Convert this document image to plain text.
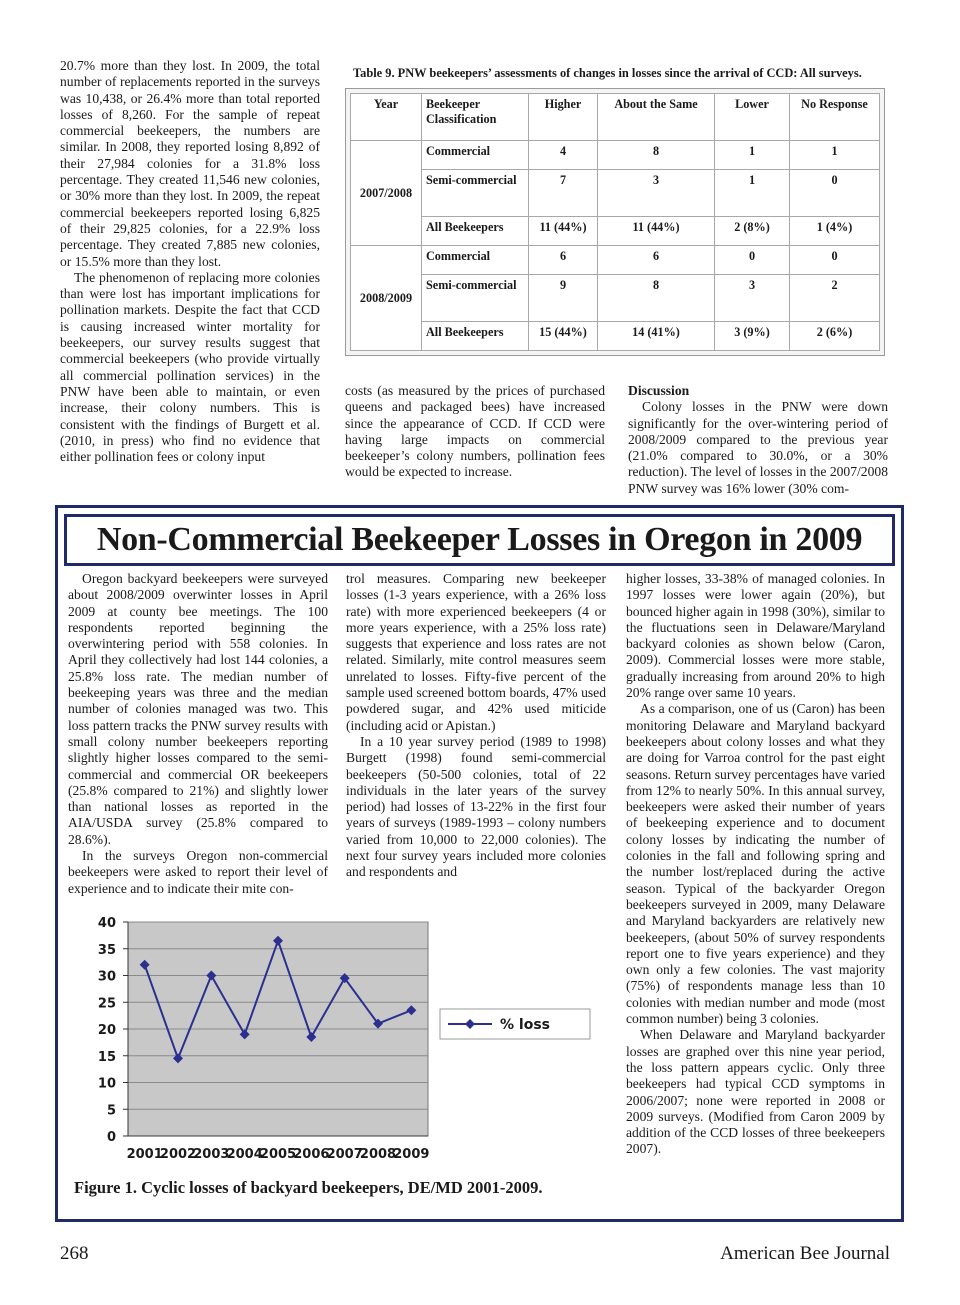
20.7% more than they lost. In 2009, the total number of replacements reported in the surveys was 10,438, or 26.4% more than total reported losses of 8,260. For the sample of repeat commercial beekeepers, the numbers are similar. In 2008, they reported losing 8,892 of their 27,984 colonies for a 31.8% loss percentage. They created 11,546 new colonies, or 30% more than they lost. In 2009, the repeat commercial beekeepers reported losing 6,825 of their 29,825 colonies, for a 22.9% loss percentage. They created 7,885 new colonies, or 15.5% more than they lost.

The phenomenon of replacing more colonies than were lost has important implications for pollination markets. Despite the fact that CCD is causing increased winter mortality for beekeepers, our survey results suggest that commercial beekeepers (who provide virtually all commercial pollination services) in the PNW have been able to maintain, or even increase, their colony numbers. This is consistent with the findings of Burgett et al. (2010, in press) who find no evidence that either pollination fees or colony input

Table 9. PNW beekeepers’ assessments of changes in losses since the arrival of CCD: All surveys.
Year	Beekeeper Classification	Higher	About the Same	Lower	No Response
2007/2008	Commercial	4	8	1	1
	Semi-commercial	7	3	1	0
	All Beekeepers	11 (44%)	11 (44%)	2 (8%)	1 (4%)
2008/2009	Commercial	6	6	0	0
	Semi-commercial	9	8	3	2
	All Beekeepers	15 (44%)	14 (41%)	3 (9%)	2 (6%)

costs (as measured by the prices of purchased queens and packaged bees) have increased since the appearance of CCD. If CCD were having large impacts on commercial beekeeper’s colony numbers, pollination fees would be expected to increase.

Discussion

Colony losses in the PNW were down significantly for the over-wintering period of 2008/2009 compared to the previous year (21.0% compared to 30.0%, or a 30% reduction). The level of losses in the 2007/2008 PNW survey was 16% lower (30% com-

Non-Commercial Beekeeper Losses in Oregon in 2009

Oregon backyard beekeepers were surveyed about 2008/2009 overwinter losses in April 2009 at county bee meetings. The 100 respondents reported beginning the overwintering period with 558 colonies. In April they collectively had lost 144 colonies, a 25.8% loss rate. The median number of beekeeping years was three and the median number of colonies managed was two. This loss pattern tracks the PNW survey results with small colony number beekeepers reporting slightly higher losses compared to the semi-commercial and commercial OR beekeepers (25.8% compared to 21%) and slightly lower than national losses as reported in the AIA/USDA survey (25.8% compared to 28.6%).

In the surveys Oregon non-commercial beekeepers were asked to report their level of experience and to indicate their mite con-

trol measures. Comparing new beekeeper losses (1-3 years experience, with a 26% loss rate) with more experienced beekeepers (4 or more years experience, with a 25% loss rate) suggests that experience and loss rates are not related. Similarly, mite control measures seem unrelated to losses. Fifty-five percent of the sample used screened bottom boards, 47% used powdered sugar, and 42% used miticide (including acid or Apistan.)

In a 10 year survey period (1989 to 1998) Burgett (1998) found semi-commercial beekeepers (50-500 colonies, total of 22 individuals in the later years of the survey period) had losses of 13-22% in the first four years of surveys (1989-1993 – colony numbers varied from 10,000 to 22,000 colonies). The next four survey years included more colonies and respondents and

higher losses, 33-38% of managed colonies. In 1997 losses were lower again (20%), but bounced higher again in 1998 (30%), similar to the fluctuations seen in Delaware/Maryland backyard colonies as shown below (Caron, 2009). Commercial losses were more stable, gradually increasing from around 20% to high 20% range over same 10 years.

As a comparison, one of us (Caron) has been monitoring Delaware and Maryland backyard beekeepers about colony losses and what they are doing for Varroa control for the past eight seasons. Return survey percentages have varied from 12% to nearly 50%. In this annual survey, beekeepers were asked their number of years of beekeeping experience and to document colony losses by indicating the number of colonies in the fall and following spring and the number lost/replaced during the active season. Typical of the backyarder Oregon beekeepers surveyed in 2009, many Delaware and Maryland backyarders are relatively new beekeepers, (about 50% of survey respondents report one to five years experience) and they own only a few colonies. The vast majority (75%) of respondents manage less than 10 colonies with median number and mode (most common number) being 3 colonies.

When Delaware and Maryland backyarder losses are graphed over this nine year period, the loss pattern appears cyclic. Only three beekeepers had typical CCD symptoms in 2006/2007; none were reported in 2008 or 2009 surveys. (Modified from Caron 2009 by addition of the CCD losses of three beekeepers 2007).

0
5
10
15
20
25
30
35
40
2001
2002
2003
2004
2005
2006
2007
2008
2009
% loss
Figure 1. Cyclic losses of backyard beekeepers, DE/MD 2001-2009.
268	American Bee Journal
